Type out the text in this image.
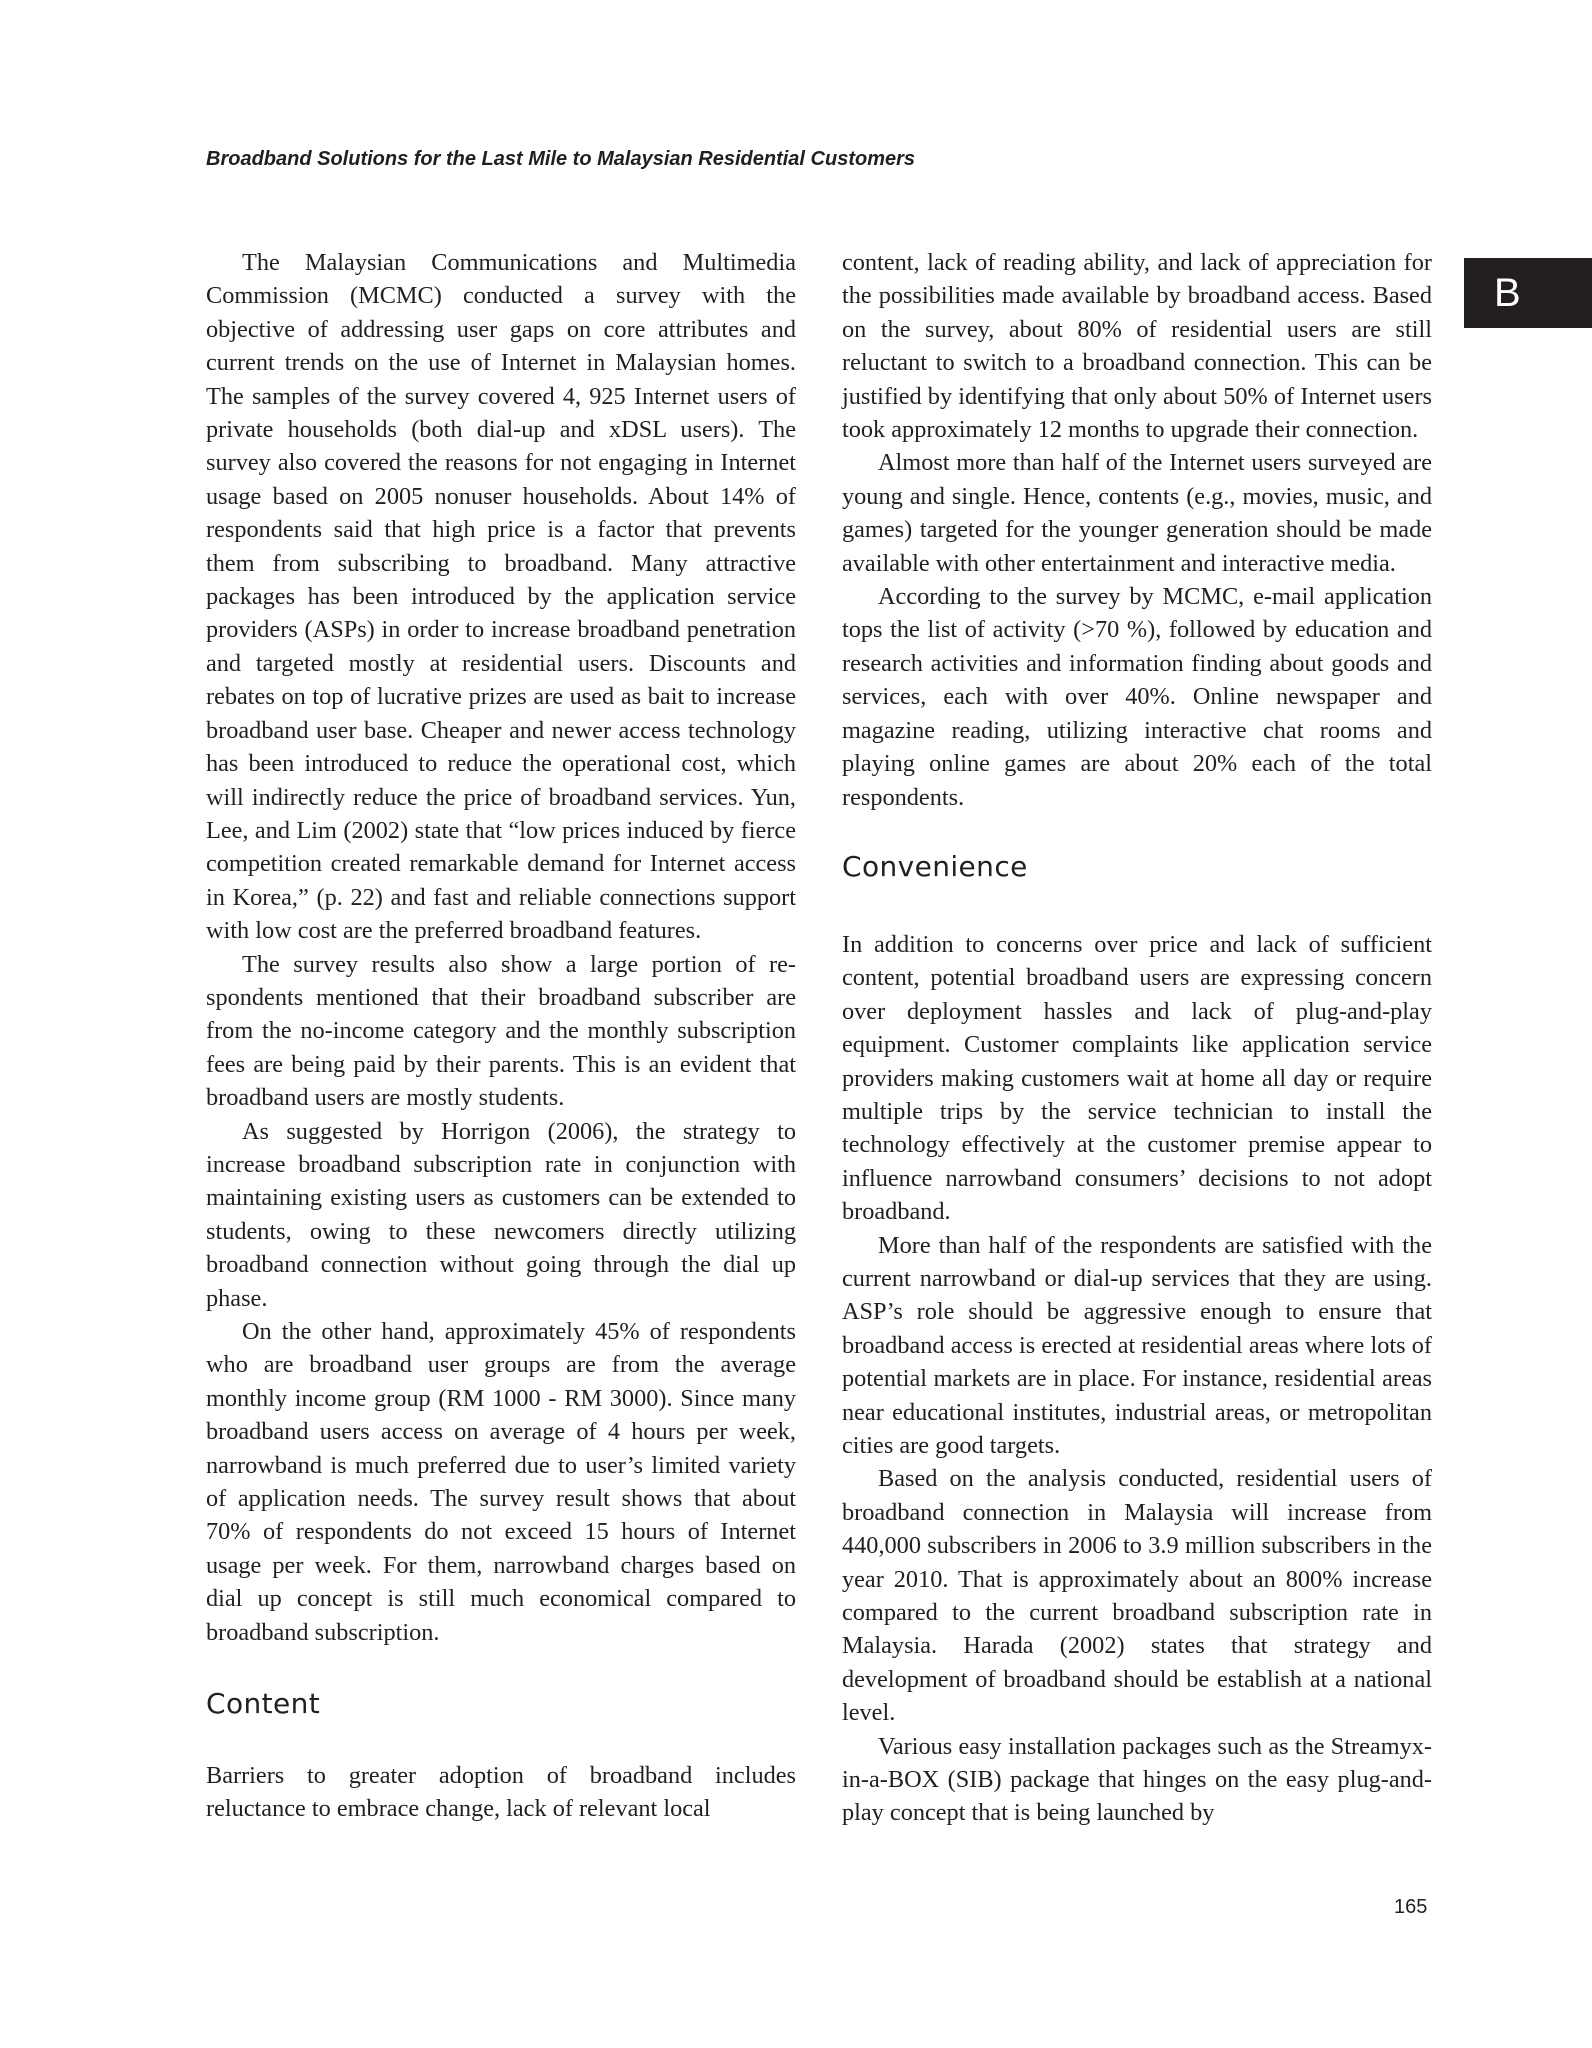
Broadband Solutions for the Last Mile to Malaysian Residential Customers
B

The Malaysian Communications and Multimedia Commission (MCMC) conducted a survey with the objective of addressing user gaps on core attributes and current trends on the use of Internet in Malaysian homes. The samples of the survey covered 4, 925 Internet users of private households (both dial-up and xDSL users). The survey also covered the reasons for not engaging in Internet usage based on 2005 nonuser households. About 14% of respondents said that high price is a factor that prevents them from subscribing to broadband. Many attractive packages has been introduced by the application service providers (ASPs) in order to increase broadband penetration and targeted mostly at residential users. Discounts and rebates on top of lucrative prizes are used as bait to increase broadband user base. Cheaper and newer access technology has been introduced to reduce the operational cost, which will indirectly reduce the price of broadband services. Yun, Lee, and Lim (2002) state that “low prices induced by fierce competition created remarkable demand for Internet access in Korea,” (p. 22) and fast and reliable connections support with low cost are the preferred broadband features.

The survey results also show a large portion of respondents mentioned that their broadband subscriber are from the no-income category and the monthly subscription fees are being paid by their parents. This is an evident that broadband users are mostly students.

As suggested by Horrigon (2006), the strategy to increase broadband subscription rate in conjunction with maintaining existing users as customers can be extended to students, owing to these newcomers directly utilizing broadband connection without going through the dial up phase.

On the other hand, approximately 45% of respondents who are broadband user groups are from the average monthly income group (RM 1000 - RM 3000). Since many broadband users access on average of 4 hours per week, narrowband is much preferred due to user’s limited variety of application needs. The survey result shows that about 70% of respondents do not exceed 15 hours of Internet usage per week. For them, narrowband charges based on dial up concept is still much economical compared to broadband subscription.

Content

Barriers to greater adoption of broadband includes reluctance to embrace change, lack of relevant local

content, lack of reading ability, and lack of appreciation for the possibilities made available by broadband access. Based on the survey, about 80% of residential users are still reluctant to switch to a broadband connection. This can be justified by identifying that only about 50% of Internet users took approximately 12 months to upgrade their connection.

Almost more than half of the Internet users surveyed are young and single. Hence, contents (e.g., movies, music, and games) targeted for the younger generation should be made available with other entertainment and interactive media.

According to the survey by MCMC, e-mail application tops the list of activity (>70 %), followed by education and research activities and information finding about goods and services, each with over 40%. Online newspaper and magazine reading, utilizing interactive chat rooms and playing online games are about 20% each of the total respondents.

Convenience

In addition to concerns over price and lack of sufficient content, potential broadband users are expressing concern over deployment hassles and lack of plug-and-play equipment. Customer complaints like application service providers making customers wait at home all day or require multiple trips by the service technician to install the technology effectively at the customer premise appear to influence narrowband consumers’ decisions to not adopt broadband.

More than half of the respondents are satisfied with the current narrowband or dial-up services that they are using. ASP’s role should be aggressive enough to ensure that broadband access is erected at residential areas where lots of potential markets are in place. For instance, residential areas near educational institutes, industrial areas, or metropolitan cities are good targets.

Based on the analysis conducted, residential users of broadband connection in Malaysia will increase from 440,000 subscribers in 2006 to 3.9 million subscribers in the year 2010. That is approximately about an 800% increase compared to the current broadband subscription rate in Malaysia. Harada (2002) states that strategy and development of broadband should be establish at a national level.

Various easy installation packages such as the Streamyx-in-a-BOX (SIB) package that hinges on the easy plug-and-play concept that is being launched by

165
